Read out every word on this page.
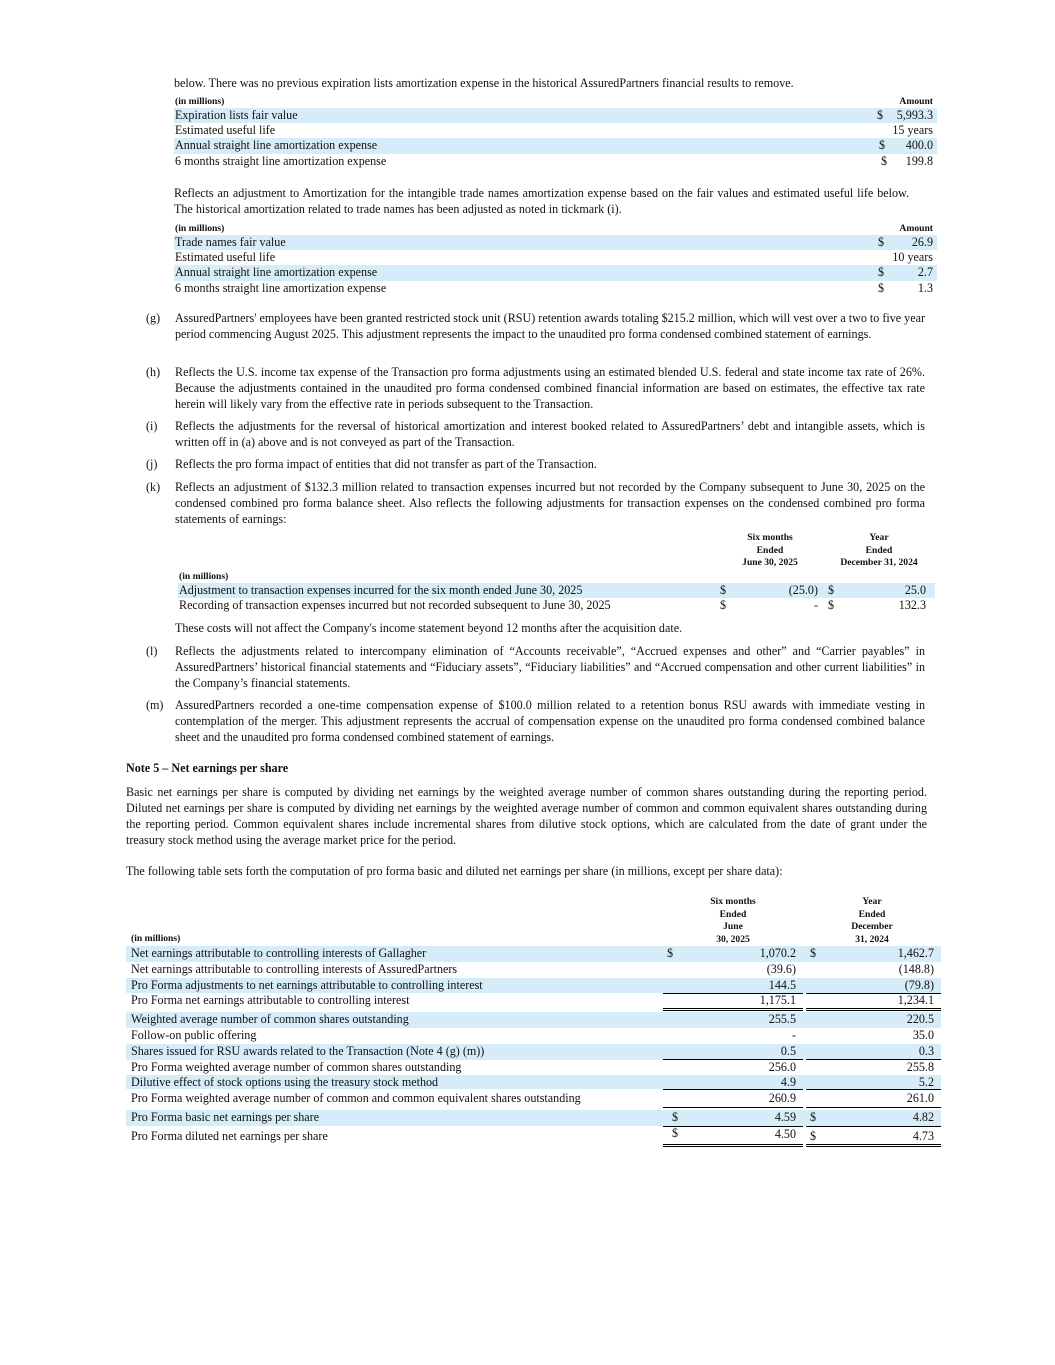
below. There was no previous expiration lists amortization expense in the historical AssuredPartners financial results to remove.

(in millions)	Amount
Expiration lists fair value	$ 5,993.3
Estimated useful life	15 years
Annual straight line amortization expense	$ 400.0
6 months straight line amortization expense	$ 199.8

Reflects an adjustment to Amortization for the intangible trade names amortization expense based on the fair values and estimated useful life below. The historical amortization related to trade names has been adjusted as noted in tickmark (i).

(in millions)	Amount
Trade names fair value	$ 26.9
Estimated useful life	10 years
Annual straight line amortization expense	$	2.7
6 months straight line amortization expense	$	1.3
(g) AssuredPartners' employees have been granted restricted stock unit (RSU) retention awards totaling $215.2 million, which will vest over a two to five year period commencing August 2025. This adjustment represents the impact to the unaudited pro forma condensed combined statement of earnings.

(h) Reflects the U.S. income tax expense of the Transaction pro forma adjustments using an estimated blended U.S. federal and state income tax rate of 26%. Because the adjustments contained in the unaudited pro forma condensed combined financial information are based on estimates, the effective tax rate herein will likely vary from the effective rate in periods subsequent to the Transaction.

(i) Reflects the adjustments for the reversal of historical amortization and interest booked related to AssuredPartners’ debt and intangible assets, which is written off in (a) above and is not conveyed as part of the Transaction.

(j) Reflects the pro forma impact of entities that did not transfer as part of the Transaction.

(k) Reflects an adjustment of $132.3 million related to transaction expenses incurred but not recorded by the Company subsequent to June 30, 2025 on the condensed combined pro forma balance sheet. Also reflects the following adjustments for transaction expenses on the condensed combined pro forma statements of earnings:

Six months
Ended
June 30, 2025
Year
Ended
December 31, 2024
(in millions)
Adjustment to transaction expenses incurred for the six month ended June 30, 2025	$	(25.0) $	25.0
Recording of transaction expenses incurred but not recorded subsequent to June 30, 2025	$	- $	132.3

These costs will not affect the Company's income statement beyond 12 months after the acquisition date.

(l) Reflects the adjustments related to intercompany elimination of “Accounts receivable”, “Accrued expenses and other” and “Carrier payables” in AssuredPartners’ historical financial statements and “Fiduciary assets”, “Fiduciary liabilities” and “Accrued compensation and other current liabilities” in the Company’s financial statements.

(m) AssuredPartners recorded a one-time compensation expense of $100.0 million related to a retention bonus RSU awards with immediate vesting in contemplation of the merger. This adjustment represents the accrual of compensation expense on the unaudited pro forma condensed combined balance sheet and the unaudited pro forma condensed combined statement of earnings.

Note 5 – Net earnings per share

Basic net earnings per share is computed by dividing net earnings by the weighted average number of common shares outstanding during the reporting period. Diluted net earnings per share is computed by dividing net earnings by the weighted average number of common and common equivalent shares outstanding during the reporting period. Common equivalent shares include incremental shares from dilutive stock options, which are calculated from the date of grant under the treasury stock method using the average market price for the period.

The following table sets forth the computation of pro forma basic and diluted net earnings per share (in millions, except per share data):

Six months
Ended
June
30, 2025
Year
Ended
December
31, 2024
(in millions)
Net earnings attributable to controlling interests of Gallagher	$	1,070.2 $	1,462.7
Net earnings attributable to controlling interests of AssuredPartners	(39.6)	(148.8)
Pro Forma adjustments to net earnings attributable to controlling interest	144.5	(79.8)
Pro Forma net earnings attributable to controlling interest	1,175.1	1,234.1
Weighted average number of common shares outstanding	255.5	220.5
Follow-on public offering	-	35.0
Shares issued for RSU awards related to the Transaction (Note 4 (g) (m))	0.5	0.3
Pro Forma weighted average number of common shares outstanding	256.0	255.8
Dilutive effect of stock options using the treasury stock method	4.9	5.2
Pro Forma weighted average number of common and common equivalent shares outstanding	260.9	261.0
Pro Forma basic net earnings per share	$	4.59 $	4.82
Pro Forma diluted net earnings per share	$	4.50 $	4.73
